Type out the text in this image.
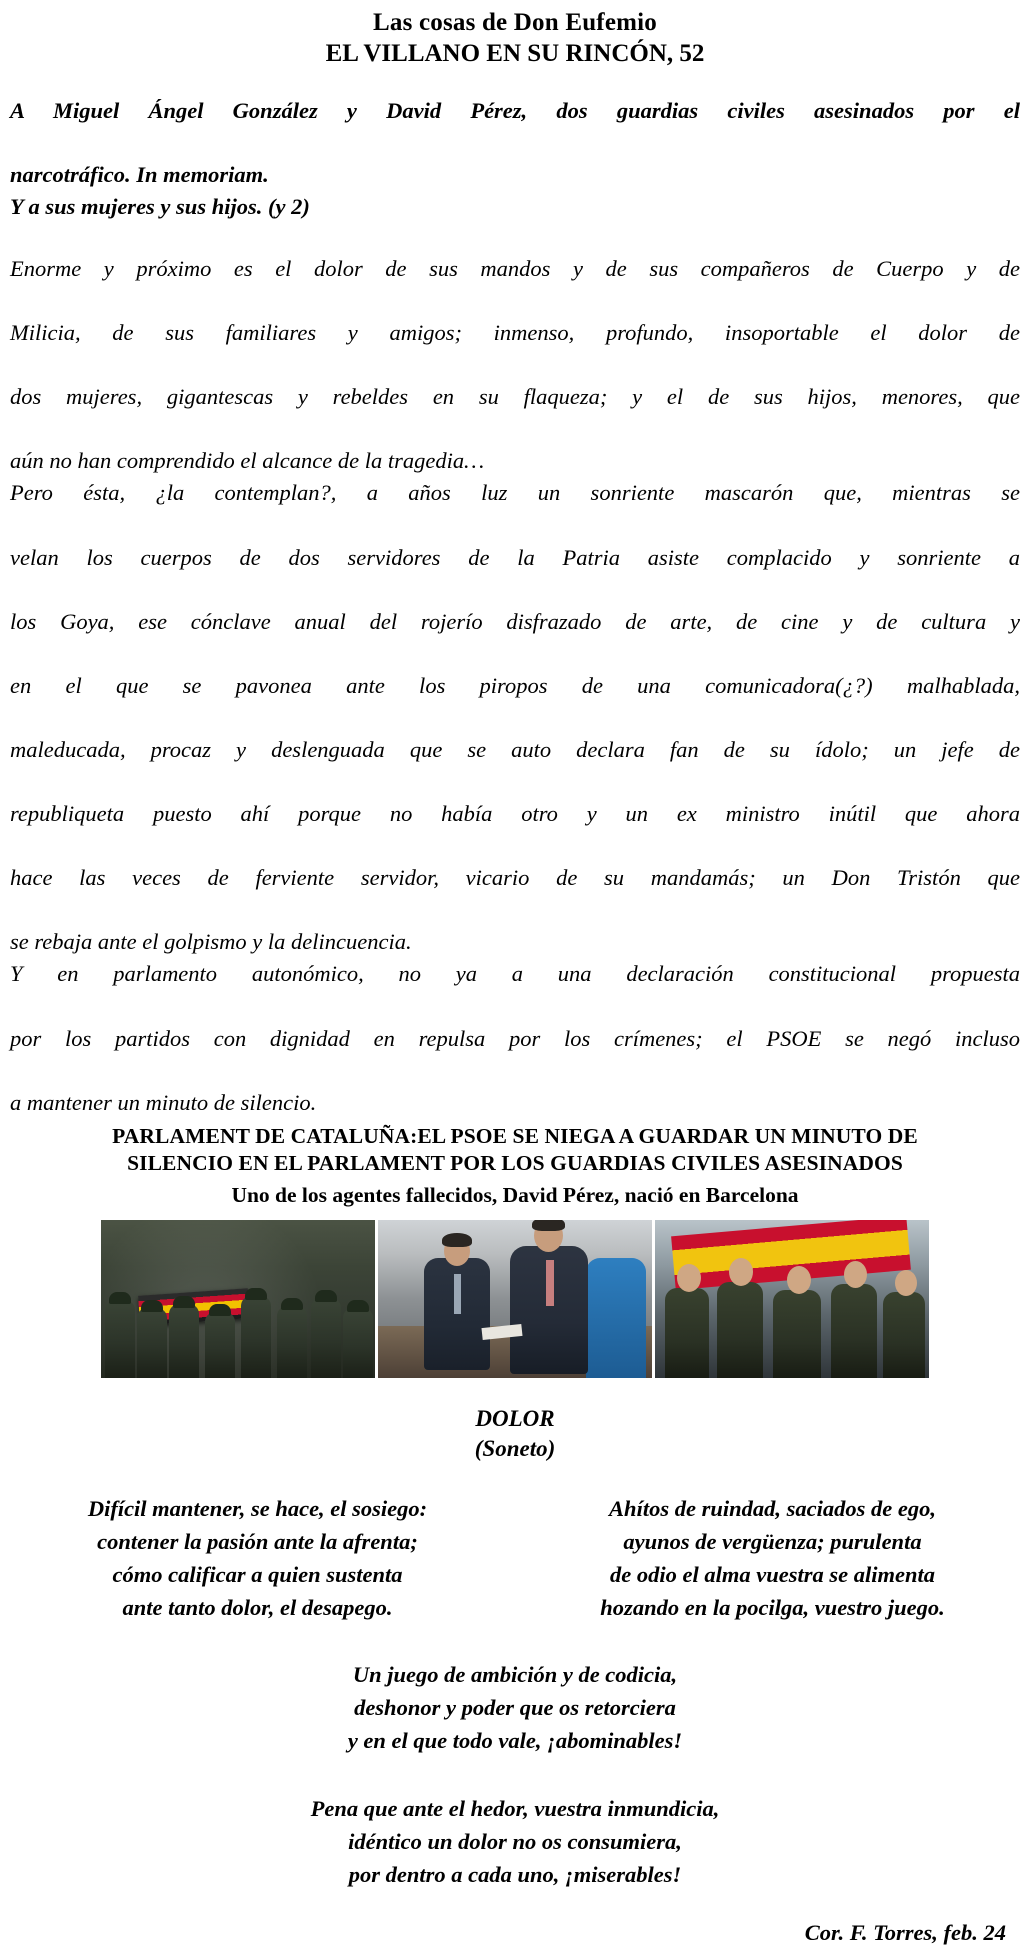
Las cosas de Don Eufemio
EL VILLANO EN SU RINCÓN, 52

A Miguel Ángel González y David Pérez, dos guardias civiles asesinados por el

narcotráfico. In memoriam.

Y a sus mujeres y sus hijos. (y 2)

Enorme y próximo es el dolor de sus mandos y de sus compañeros de Cuerpo y de

Milicia, de sus familiares y amigos; inmenso, profundo, insoportable el dolor de

dos mujeres, gigantescas y rebeldes en su flaqueza; y el de sus hijos, menores, que

aún no han comprendido el alcance de la tragedia…

Pero ésta, ¿la contemplan?, a años luz un sonriente mascarón que, mientras se

velan los cuerpos de dos servidores de la Patria asiste complacido y sonriente a

los Goya, ese cónclave anual del rojerío disfrazado de arte, de cine y de cultura y

en el que se pavonea ante los piropos de una comunicadora(¿?) malhablada,

maleducada, procaz y deslenguada que se auto declara fan de su ídolo; un jefe de

republiqueta puesto ahí porque no había otro y un ex ministro inútil que ahora

hace las veces de ferviente servidor, vicario de su mandamás; un Don Tristón que

se rebaja ante el golpismo y la delincuencia.

Y en parlamento autonómico, no ya a una declaración constitucional propuesta

por los partidos con dignidad en repulsa por los crímenes; el PSOE se negó incluso

a mantener un minuto de silencio.

PARLAMENT DE CATALUÑA:EL PSOE SE NIEGA A GUARDAR UN MINUTO DE
SILENCIO EN EL PARLAMENT POR LOS GUARDIAS CIVILES ASESINADOS
Uno de los agentes fallecidos, David Pérez, nació en Barcelona
DOLOR
(Soneto)
Difícil mantener, se hace, el sosiego:
contener la pasión ante la afrenta;
cómo calificar a quien sustenta
ante tanto dolor, el desapego.
Ahítos de ruindad, saciados de ego,
ayunos de vergüenza; purulenta
de odio el alma vuestra se alimenta
hozando en la pocilga, vuestro juego.
Un juego de ambición y de codicia,
deshonor y poder que os retorciera
y en el que todo vale, ¡abominables!
Pena que ante el hedor, vuestra inmundicia,
idéntico un dolor no os consumiera,
por dentro a cada uno, ¡miserables!
Cor. F. Torres, feb. 24
